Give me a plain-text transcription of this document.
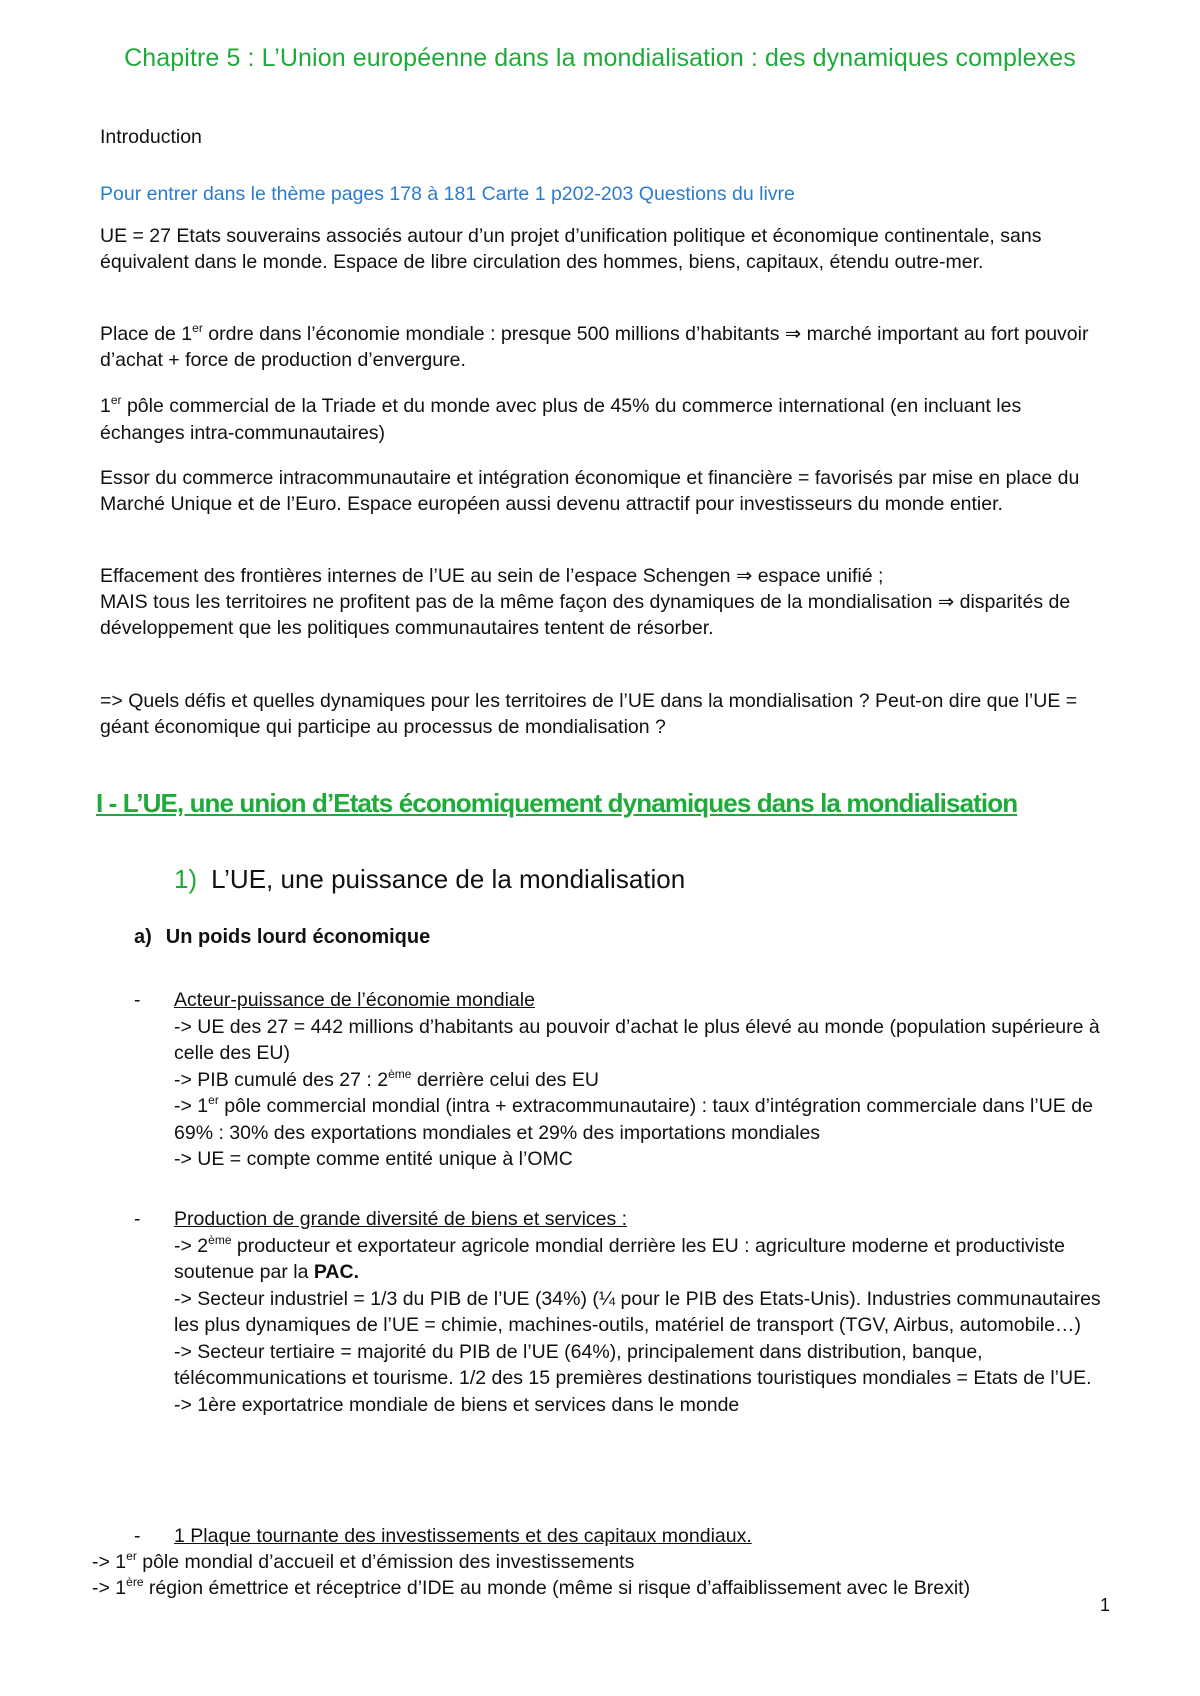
Chapitre 5 : L’Union européenne dans la mondialisation : des dynamiques complexes
Introduction
Pour entrer dans le thème pages 178 à 181 Carte 1 p202-203 Questions du livre
UE = 27 Etats souverains associés autour d’un projet d’unification politique et économique continentale, sans équivalent dans le monde. Espace de libre circulation des hommes, biens, capitaux, étendu outre-mer.
Place de 1er ordre dans l’économie mondiale : presque 500 millions d’habitants ⇒ marché important au fort pouvoir d’achat + force de production d’envergure.
1er pôle commercial de la Triade et du monde avec plus de 45% du commerce international (en incluant les échanges intra-communautaires)
Essor du commerce intracommunautaire et intégration économique et financière = favorisés par mise en place du Marché Unique et de l’Euro. Espace européen aussi devenu attractif pour investisseurs du monde entier.
Effacement des frontières internes de l’UE au sein de l’espace Schengen ⇒ espace unifié ;
MAIS tous les territoires ne profitent pas de la même façon des dynamiques de la mondialisation ⇒ disparités de développement que les politiques communautaires tentent de résorber.
=> Quels défis et quelles dynamiques pour les territoires de l’UE dans la mondialisation ? Peut-on dire que l’UE = géant économique qui participe au processus de mondialisation ?
I - L’UE, une union d’Etats économiquement dynamiques dans la mondialisation
1) L’UE, une puissance de la mondialisation
a) Un poids lourd économique
- Acteur-puissance de l’économie mondiale
-> UE des 27 = 442 millions d’habitants au pouvoir d’achat le plus élevé au monde (population supérieure à celle des EU)
-> PIB cumulé des 27 : 2ème derrière celui des EU
-> 1er pôle commercial mondial (intra + extracommunautaire) : taux d’intégration commerciale dans l’UE de 69% : 30% des exportations mondiales et 29% des importations mondiales
-> UE = compte comme entité unique à l’OMC
- Production de grande diversité de biens et services :
-> 2ème producteur et exportateur agricole mondial derrière les EU : agriculture moderne et productiviste soutenue par la PAC.
-> Secteur industriel = 1/3 du PIB de l’UE (34%) (¼ pour le PIB des Etats-Unis). Industries communautaires les plus dynamiques de l’UE = chimie, machines-outils, matériel de transport (TGV, Airbus, automobile…)
-> Secteur tertiaire = majorité du PIB de l’UE (64%), principalement dans distribution, banque, télécommunications et tourisme. 1/2 des 15 premières destinations touristiques mondiales = Etats de l’UE.
-> 1ère exportatrice mondiale de biens et services dans le monde
- 1 Plaque tournante des investissements et des capitaux mondiaux.
-> 1er pôle mondial d’accueil et d’émission des investissements
-> 1ère région émettrice et réceptrice d’IDE au monde (même si risque d’affaiblissement avec le Brexit)
1
